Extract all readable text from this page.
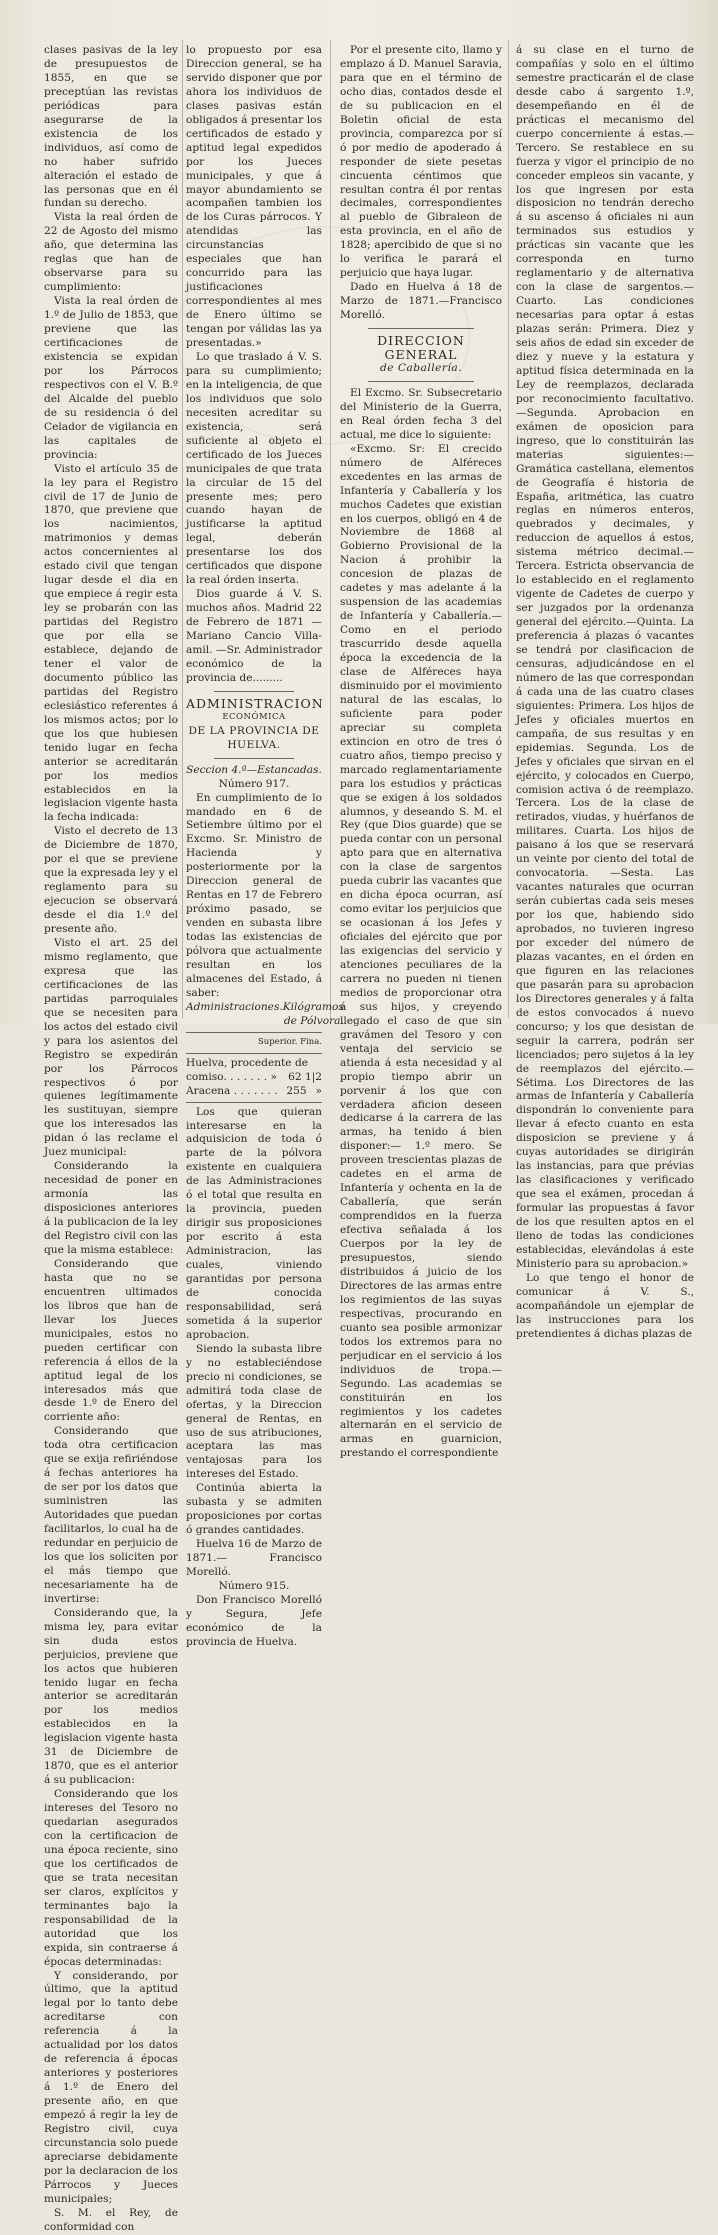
clases pasivas de la ley de presupuestos de 1855, en que se preceptúan las revistas periódicas para asegurarse de la existencia de los individuos, así como de no haber sufrido alteración el estado de las personas que en él fundan su derecho.

Vista la real órden de 22 de Agosto del mismo año, que determina las reglas que han de observarse para su cumplimiento:

Vista la real órden de 1.º de Julio de 1853, que previene que las certificaciones de existencia se expidan por los Párrocos respectivos con el V. B.º del Alcalde del pueblo de su residencia ó del Celador de vigilancia en las capitales de provincia:

Visto el artículo 35 de la ley para el Registro civil de 17 de Junio de 1870, que previene que los nacimientos, matrimonios y demas actos concernientes al estado civil que tengan lugar desde el dia en que empiece á regir esta ley se probarán con las partidas del Registro que por ella se establece, dejando de tener el valor de documento público las partidas del Registro eclesiástico referentes á los mismos actos; por lo que los que hubiesen tenido lugar en fecha anterior se acreditarán por los medios establecidos en la legislacion vigente hasta la fecha indicada:

Visto el decreto de 13 de Diciembre de 1870, por el que se previene que la expresada ley y el reglamento para su ejecucion se observará desde el dia 1.º del presente año.

Visto el art. 25 del mismo reglamento, que expresa que las certificaciones de las partidas parroquiales que se necesiten para los actos del estado civil y para los asientos del Registro se expedirán por los Párrocos respectivos ó por quienes legítimamente les sustituyan, siempre que los interesados las pidan ó las reclame el Juez municipal:

Considerando la necesidad de poner en armonía las disposiciones anteriores á la publicacion de la ley del Registro civil con las que la misma establece:

Considerando que hasta que no se encuentren ultimados los libros que han de llevar los Jueces municipales, estos no pueden certificar con referencia á ellos de la aptitud legal de los interesados más que desde 1.º de Enero del corriente año:

Considerando que toda otra certificacion que se exija refiriéndose á fechas anteriores ha de ser por los datos que suministren las Autoridades que puedan facilitarlos, lo cual ha de redundar en perjuicio de los que los soliciten por el más tiempo que necesariamente ha de invertirse:

Considerando que, la misma ley, para evitar sin duda estos perjuicios, previene que los actos que hubieren tenido lugar en fecha anterior se acreditarán por los medios establecidos en la legislacion vigente hasta 31 de Diciembre de 1870, que es el anterior á su publicacion:

Considerando que los intereses del Tesoro no quedarian asegurados con la certificacion de una época reciente, sino que los certificados de que se trata necesitan ser claros, explícitos y terminantes bajo la responsabilidad de la autoridad que los expida, sin contraerse á épocas determinadas:

Y considerando, por último, que la aptitud legal por lo tanto debe acreditarse con referencia á la actualidad por los datos de referencia á épocas anteriores y posteriores á 1.º de Enero del presente año, en que empezó á regir la ley de Registro civil, cuya circunstancia solo puede apreciarse debidamente por la declaracion de los Párrocos y Jueces municipales;

S. M. el Rey, de conformidad con

lo propuesto por esa Direccion general, se ha servido disponer que por ahora los individuos de clases pasivas están obligados á presentar los certificados de estado y aptitud legal expedidos por los Jueces municipales, y que á mayor abundamiento se acompañen tambien los de los Curas párrocos. Y atendidas las circunstancias especiales que han concurrido para las justificaciones correspondientes al mes de Enero último se tengan por válidas las ya presentadas.»

Lo que traslado á V. S. para su cumplimiento; en la inteligencia, de que los individuos que solo necesiten acreditar su existencia, será suficiente al objeto el certificado de los Jueces municipales de que trata la circular de 15 del presente mes; pero cuando hayan de justificarse la aptitud legal, deberán presentarse los dos certificados que dispone la real órden inserta.

Dios guarde á V. S. muchos años. Madrid 22 de Febrero de 1871 — Mariano Cancio Villa-amil. —Sr. Administrador económico de la provincia de.........

ADMINISTRACION

ECONÓMICA

DE LA PROVINCIA DE HUELVA.

Seccion 4.ª—Estancadas.

Número 917.

En cumplimiento de lo mandado en 6 de Setiembre último por el Excmo. Sr. Ministro de Hacienda y posteriormente por la Direccion general de Rentas en 17 de Febrero próximo pasado, se venden en subasta libre todas las existencias de pólvora que actualmente resultan en los almacenes del Estado, á saber:

Administraciones. Kilógramos
de Pólvora.

Superior. Fina.

Huelva, procedente de

comiso. . . . . . . » 62 1|2
Aracena . . . . . . . 255 »

Los que quieran interesarse en la adquisicion de toda ó parte de la pólvora existente en cualquiera de las Administraciones ó el total que resulta en la provincia, pueden dirigir sus proposiciones por escrito á esta Administracion, las cuales, viniendo garantidas por persona de conocida responsabilidad, será sometida á la superior aprobacion.

Siendo la subasta libre y no estableciéndose precio ni condiciones, se admitirá toda clase de ofertas, y la Direccion general de Rentas, en uso de sus atribuciones, aceptara las mas ventajosas para los intereses del Estado.

Continúa abierta la subasta y se admiten proposiciones por cortas ó grandes cantidades.

Huelva 16 de Marzo de 1871.— Francisco Morelló.

Número 915.

Don Francisco Morelló y Segura, Jefe económico de la provincia de Huelva.

Por el presente cito, llamo y emplazo á D. Manuel Saravia, para que en el término de ocho dias, contados desde el de su publicacion en el Boletin oficial de esta provincia, comparezca por sí ó por medio de apoderado á responder de siete pesetas cincuenta céntimos que resultan contra él por rentas decimales, correspondientes al pueblo de Gibraleon de esta provincia, en el año de 1828; apercibido de que si no lo verifica le parará el perjuicio que haya lugar.

Dado en Huelva á 18 de Marzo de 1871.—Francisco Morelló.

DIRECCION GENERAL

de Caballería.

El Excmo. Sr. Subsecretario del Ministerio de la Guerra, en Real órden fecha 3 del actual, me dice lo siguiente:

«Excmo. Sr: El crecido número de Alféreces excedentes en las armas de Infantería y Caballería y los muchos Cadetes que existian en los cuerpos, obligó en 4 de Noviembre de 1868 al Gobierno Provisional de la Nacion á prohibir la concesion de plazas de cadetes y mas adelante á la suspension de las academias de Infantería y Caballería.—Como en el periodo trascurrido desde aquella época la excedencia de la clase de Alféreces haya disminuido por el movimiento natural de las escalas, lo suficiente para poder apreciar su completa extincion en otro de tres ó cuatro años, tiempo preciso y marcado reglamentariamente para los estudios y prácticas que se exigen á los soldados alumnos, y deseando S. M. el Rey (que Dios guarde) que se pueda contar con un personal apto para que en alternativa con la clase de sargentos pueda cubrir las vacantes que en dicha época ocurran, así como evitar los perjuicios que se ocasionan á los Jefes y oficiales del ejército que por las exigencias del servicio y atenciones peculiares de la carrera no pueden ni tienen medios de proporcionar otra á sus hijos, y creyendo llegado el caso de que sin gravámen del Tesoro y con ventaja del servicio se atienda á esta necesidad y al propio tiempo abrir un porvenir á los que con verdadera aficion deseen dedicarse á la carrera de las armas, ha tenido á bien disponer:— 1.º mero. Se proveen trescientas plazas de cadetes en el arma de Infantería y ochenta en la de Caballería, que serán comprendidos en la fuerza efectiva señalada á los Cuerpos por la ley de presupuestos, siendo distribuidos á juicio de los Directores de las armas entre los regimientos de las suyas respectivas, procurando en cuanto sea posible armonizar todos los extremos para no perjudicar en el servicio á los individuos de tropa.—Segundo. Las academias se constituirán en los regimientos y los cadetes alternarán en el servicio de armas en guarnicion, prestando el correspondiente

á su clase en el turno de compañías y solo en el último semestre practicarán el de clase desde cabo á sargento 1.º, desempeñando en él de prácticas el mecanismo del cuerpo concerniente á estas.—Tercero. Se restablece en su fuerza y vigor el principio de no conceder empleos sin vacante, y los que ingresen por esta disposicion no tendrán derecho á su ascenso á oficiales ni aun terminados sus estudios y prácticas sin vacante que les corresponda en turno reglamentario y de alternativa con la clase de sargentos.—Cuarto. Las condiciones necesarias para optar á estas plazas serán: Primera. Diez y seis años de edad sin exceder de diez y nueve y la estatura y aptitud física determinada en la Ley de reemplazos, declarada por reconocimiento facultativo.—Segunda. Aprobacion en exámen de oposicion para ingreso, que lo constituirán las materias siguientes:— Gramática castellana, elementos de Geografía é historia de España, aritmética, las cuatro reglas en números enteros, quebrados y decimales, y reduccion de aquellos á estos, sistema métrico decimal.—Tercera. Estricta observancia de lo establecido en el reglamento vigente de Cadetes de cuerpo y ser juzgados por la ordenanza general del ejército.—Quinta. La preferencia á plazas ó vacantes se tendrá por clasificacion de censuras, adjudicándose en el número de las que correspondan á cada una de las cuatro clases siguientes: Primera. Los hijos de Jefes y oficiales muertos en campaña, de sus resultas y en epidemias. Segunda. Los de Jefes y oficiales que sirvan en el ejército, y colocados en Cuerpo, comision activa ó de reemplazo. Tercera. Los de la clase de retirados, viudas, y huérfanos de militares. Cuarta. Los hijos de paisano á los que se reservará un veinte por ciento del total de convocatoria. —Sesta. Las vacantes naturales que ocurran serán cubiertas cada seis meses por los que, habiendo sido aprobados, no tuvieren ingreso por exceder del número de plazas vacantes, en el órden en que figuren en las relaciones que pasarán para su aprobacion los Directores generales y á falta de estos convocados á nuevo concurso; y los que desistan de seguir la carrera, podrán ser licenciados; pero sujetos á la ley de reemplazos del ejército.—Sétima. Los Directores de las armas de Infantería y Caballería dispondrán lo conveniente para llevar á efecto cuanto en esta disposicion se previene y á cuyas autoridades se dirigirán las instancias, para que prévias las clasificaciones y verificado que sea el exámen, procedan á formular las propuestas á favor de los que resulten aptos en el lleno de todas las condiciones establecidas, elevándolas á este Ministerio para su aprobacion.»

Lo que tengo el honor de comunicar á V. S., acompañándole un ejemplar de las instrucciones para los pretendientes á dichas plazas de
